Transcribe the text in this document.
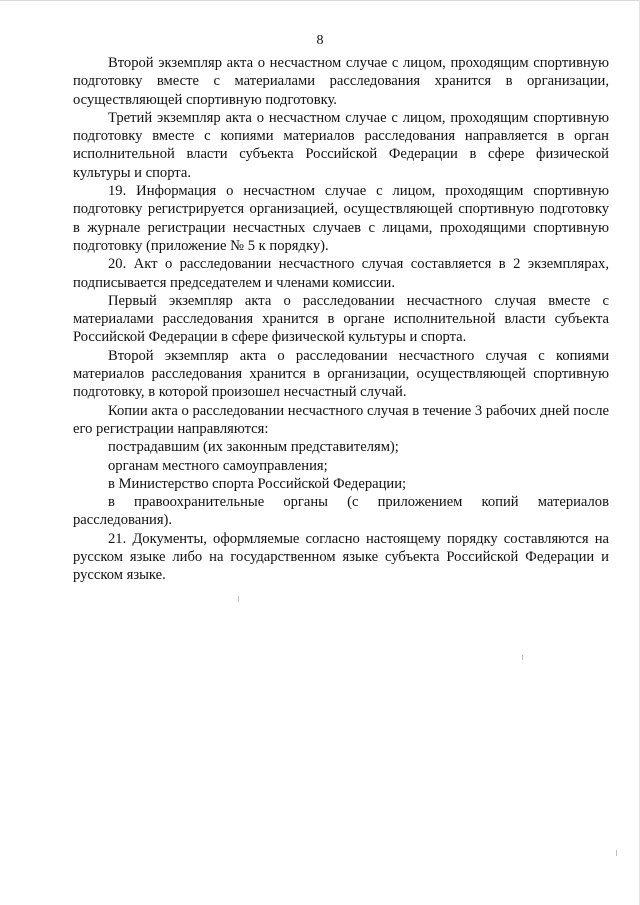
8

Второй экземпляр акта о несчастном случае с лицом, проходящим спортивную подготовку вместе с материалами расследования хранится в организации, осуществляющей спортивную подготовку.

Третий экземпляр акта о несчастном случае с лицом, проходящим спортивную подготовку вместе с копиями материалов расследования направляется в орган исполнительной власти субъекта Российской Федерации в сфере физической культуры и спорта.

19. Информация о несчастном случае с лицом, проходящим спортивную подготовку регистрируется организацией, осуществляющей спортивную подготовку в журнале регистрации несчастных случаев с лицами, проходящими спортивную подготовку (приложение № 5 к порядку).

20. Акт о расследовании несчастного случая составляется в 2 экземплярах, подписывается председателем и членами комиссии.

Первый экземпляр акта о расследовании несчастного случая вместе с материалами расследования хранится в органе исполнительной власти субъекта Российской Федерации в сфере физической культуры и спорта.

Второй экземпляр акта о расследовании несчастного случая с копиями материалов расследования хранится в организации, осуществляющей спортивную подготовку, в которой произошел несчастный случай.

Копии акта о расследовании несчастного случая в течение 3 рабочих дней после его регистрации направляются:

пострадавшим (их законным представителям);

органам местного самоуправления;

в Министерство спорта Российской Федерации;

в правоохранительные органы (с приложением копий материалов расследования).

21. Документы, оформляемые согласно настоящему порядку составляются на русском языке либо на государственном языке субъекта Российской Федерации и русском языке.
